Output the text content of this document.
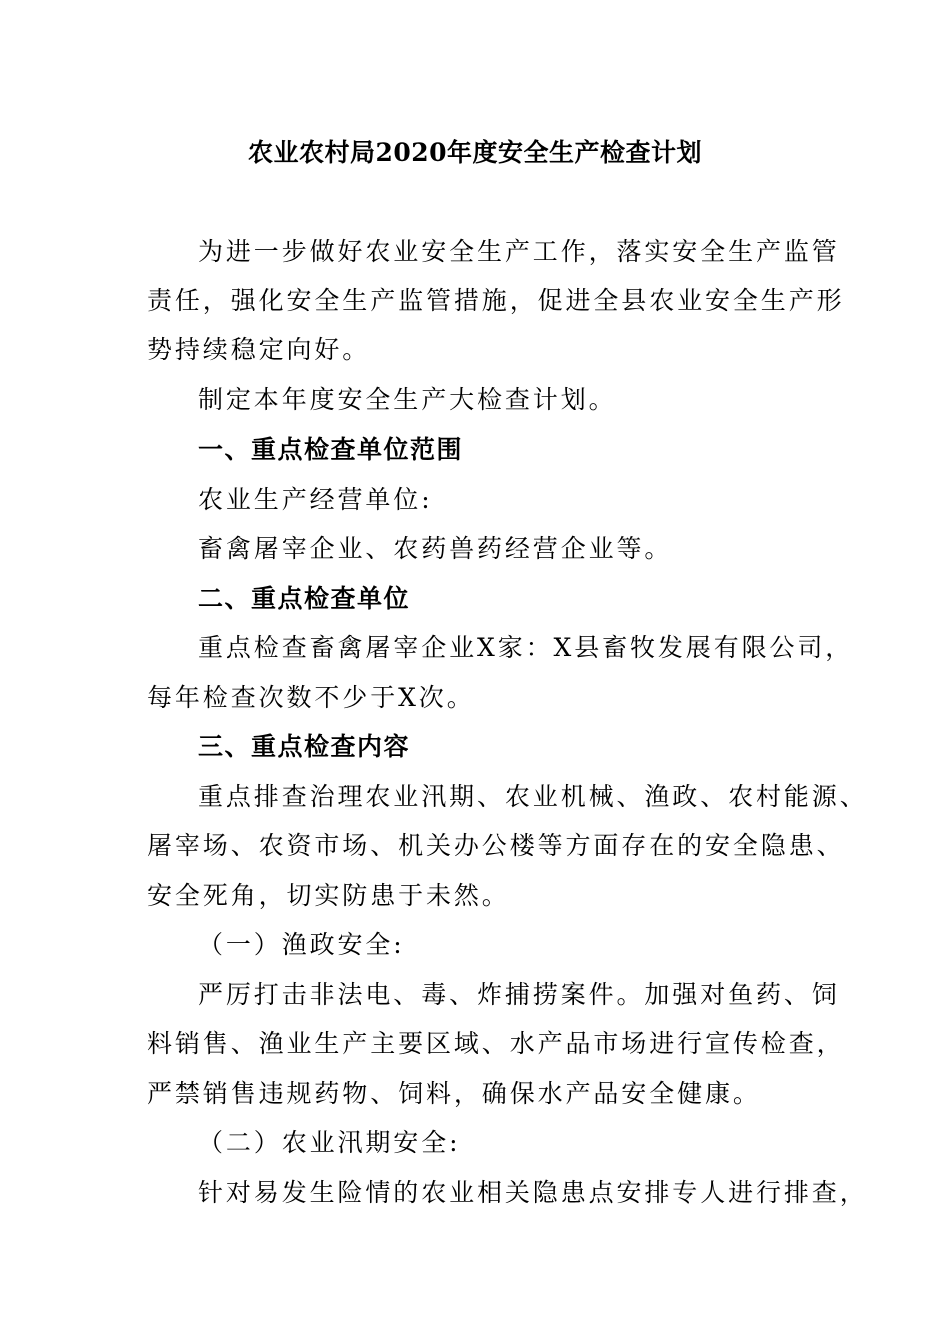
农业农村局2020年度安全生产检查计划
为进一步做好农业安全生产工作，落实安全生产监管
责任，强化安全生产监管措施，促进全县农业安全生产形
势持续稳定向好。
制定本年度安全生产大检查计划。
一、重点检查单位范围
农业生产经营单位:
畜禽屠宰企业、农药兽药经营企业等。
二、重点检查单位
重点检查畜禽屠宰企业X家：X县畜牧发展有限公司，
每年检查次数不少于X次。
三、重点检查内容
重点排查治理农业汛期、农业机械、渔政、农村能源、
屠宰场、农资市场、机关办公楼等方面存在的安全隐患、
安全死角，切实防患于未然。
（一）渔政安全:
严厉打击非法电、毒、炸捕捞案件。加强对鱼药、饲
料销售、渔业生产主要区域、水产品市场进行宣传检查，
严禁销售违规药物、饲料，确保水产品安全健康。
（二）农业汛期安全:
针对易发生险情的农业相关隐患点安排专人进行排查，
